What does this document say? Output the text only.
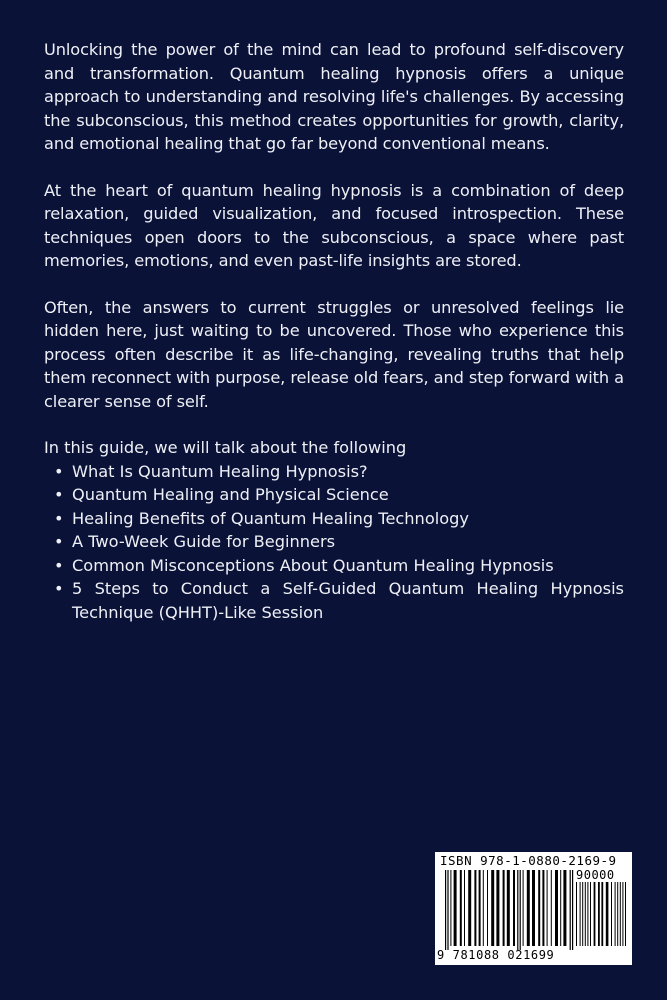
Unlocking the power of the mind can lead to profound self-discovery and transformation. Quantum healing hypnosis offers a unique approach to understanding and resolving life's challenges. By accessing the subconscious, this method creates opportunities for growth, clarity, and emotional healing that go far beyond conventional means.

At the heart of quantum healing hypnosis is a combination of deep relaxation, guided visualization, and focused introspection. These techniques open doors to the subconscious, a space where past memories, emotions, and even past-life insights are stored.

Often, the answers to current struggles or unresolved feelings lie hidden here, just waiting to be uncovered. Those who experience this process often describe it as life-changing, revealing truths that help them reconnect with purpose, release old fears, and step forward with a clearer sense of self.

In this guide, we will talk about the following

• What Is Quantum Healing Hypnosis?
• Quantum Healing and Physical Science
• Healing Benefits of Quantum Healing Technology
• A Two-Week Guide for Beginners
• Common Misconceptions About Quantum Healing Hypnosis
• 5 Steps to Conduct a Self-Guided Quantum Healing Hypnosis Technique (QHHT)-Like Session
ISBN 978-1-0880-2169-9
90000
9 781088 021699
